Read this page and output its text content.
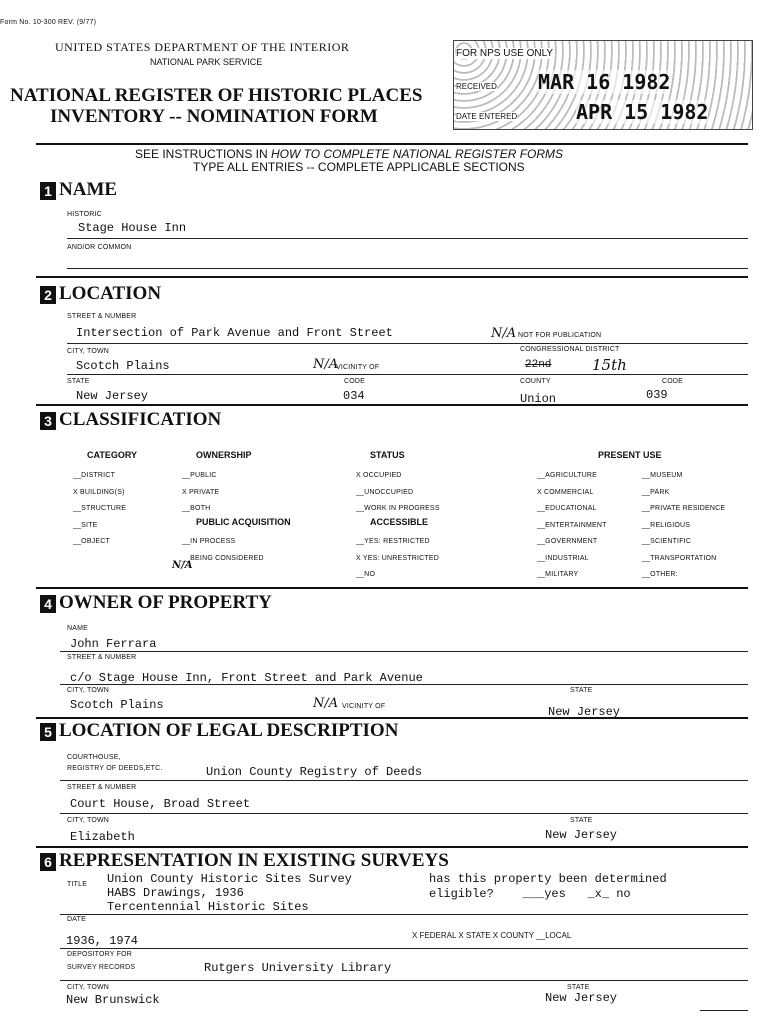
Form No. 10-300 REV. (9/77)
UNITED STATES DEPARTMENT OF THE INTERIOR
NATIONAL PARK SERVICE
NATIONAL REGISTER OF HISTORIC PLACES
INVENTORY -- NOMINATION FORM
FOR NPS USE ONLY
RECEIVED MAR 16 1982
DATE ENTERED	APR 15 1982
SEE INSTRUCTIONS IN HOW TO COMPLETE NATIONAL REGISTER FORMS
TYPE ALL ENTRIES -- COMPLETE APPLICABLE SECTIONS
1 NAME
HISTORIC
Stage House Inn
AND/OR COMMON
2 LOCATION
STREET & NUMBER
Intersection of Park Avenue and Front Street	N/A NOT FOR PUBLICATION
CITY, TOWN	CONGRESSIONAL DISTRICT
Scotch Plains	N/A
VICINITY OF	22nd	15th
STATE	CODE	COUNTY	CODE
New Jersey	034	Union	039
3 CLASSIFICATION
CATEGORY	OWNERSHIP	STATUS	PRESENT USE
__DISTRICT
X BUILDING(S)
__STRUCTURE
__SITE
__OBJECT
__PUBLIC
X PRIVATE
__BOTH
PUBLIC ACQUISITION
__IN PROCESS
__BEING CONSIDERED
N/A
X OCCUPIED
__UNOCCUPIED
__WORK IN PROGRESS
ACCESSIBLE
__YES: RESTRICTED
X YES: UNRESTRICTED
__NO
__AGRICULTURE
X COMMERCIAL
__EDUCATIONAL
__ENTERTAINMENT
__GOVERNMENT
__INDUSTRIAL
__MILITARY
__MUSEUM
__PARK
__PRIVATE RESIDENCE
__RELIGIOUS
__SCIENTIFIC
__TRANSPORTATION
__OTHER:
4 OWNER OF PROPERTY
NAME
John Ferrara
STREET & NUMBER
c/o Stage House Inn, Front Street and Park Avenue
CITY, TOWN	STATE
Scotch Plains	N/A VICINITY OF	New Jersey
5 LOCATION OF LEGAL DESCRIPTION
COURTHOUSE,
REGISTRY OF DEEDS,ETC.	Union County Registry of Deeds
STREET & NUMBER
Court House, Broad Street
CITY, TOWN	STATE
Elizabeth	New Jersey
6 REPRESENTATION IN EXISTING SURVEYS
TITLE Union County Historic Sites Survey
HABS Drawings, 1936
Tercentennial Historic Sites
has this property been determined
eligible?    ___yes   _x_ no
DATE
1936, 1974	X FEDERAL X STATE X COUNTY __LOCAL
DEPOSITORY FOR
SURVEY RECORDS	Rutgers University Library
CITY, TOWN	STATE
New Brunswick	New Jersey
